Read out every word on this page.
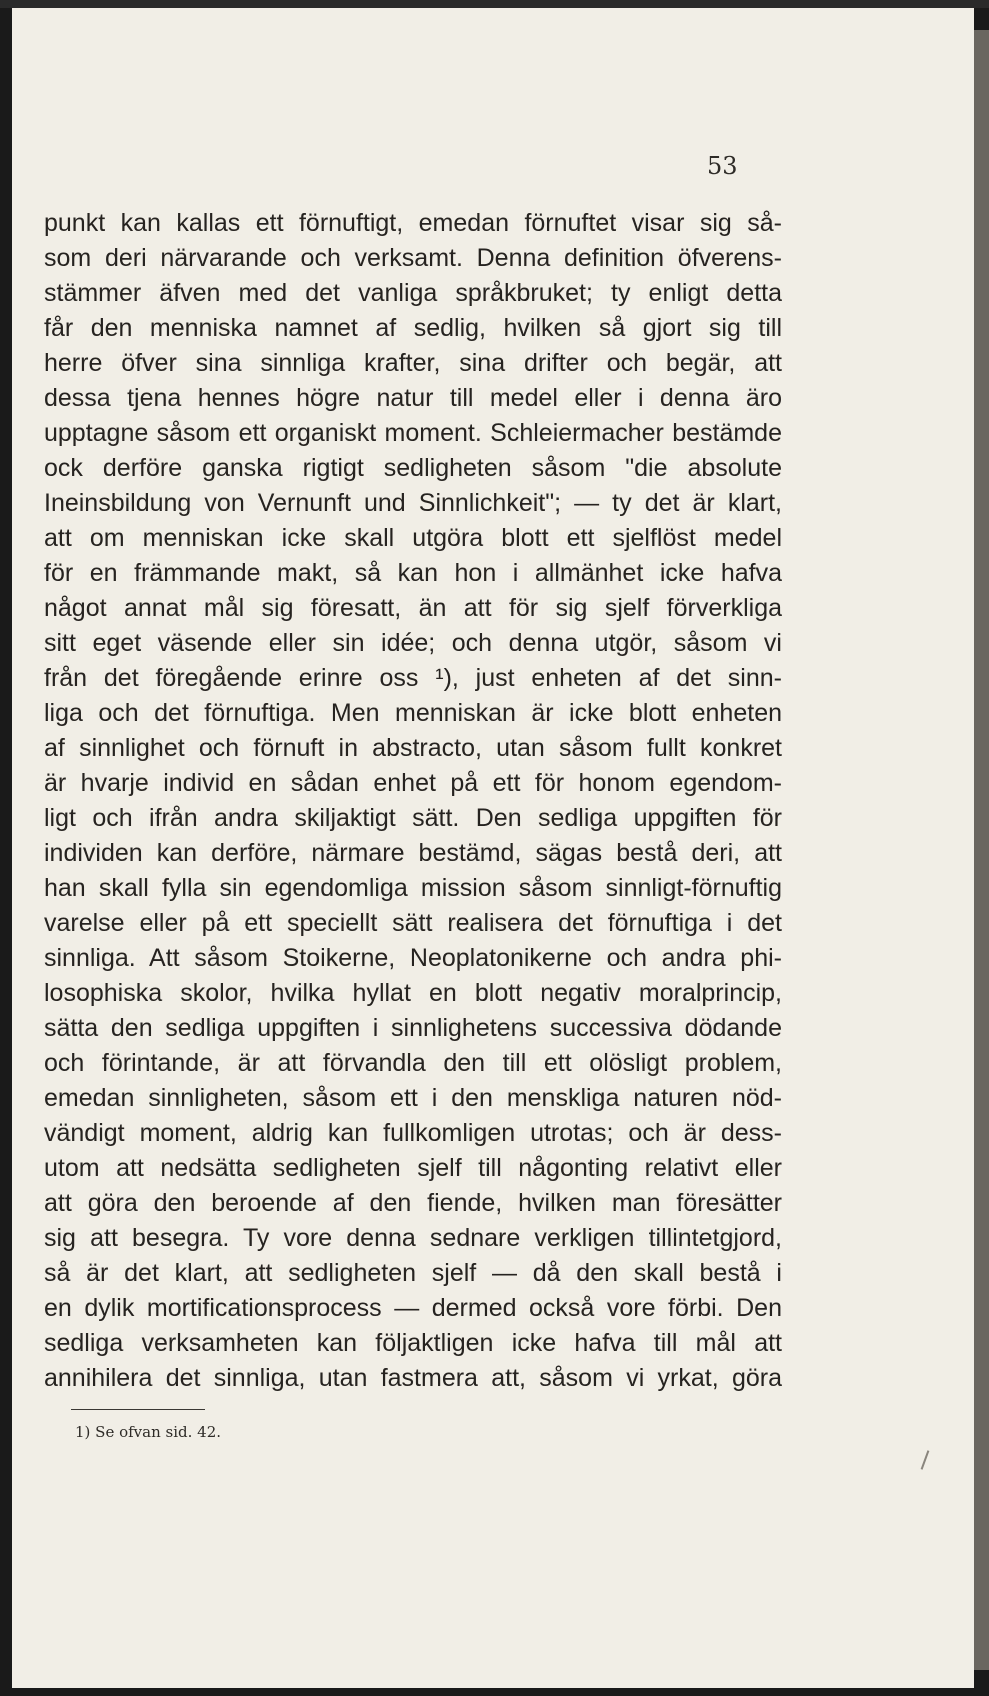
53
punkt kan kallas ett förnuftigt, emedan förnuftet visar sig så-
som deri närvarande och verksamt. Denna definition öfverens-
stämmer äfven med det vanliga språkbruket; ty enligt detta
får den menniska namnet af sedlig, hvilken så gjort sig till
herre öfver sina sinnliga krafter, sina drifter och begär, att
dessa tjena hennes högre natur till medel eller i denna äro
upptagne såsom ett organiskt moment. Schleiermacher bestämde
ock derföre ganska rigtigt sedligheten såsom "die absolute
Ineinsbildung von Vernunft und Sinnlichkeit"; — ty det är klart,
att om menniskan icke skall utgöra blott ett sjelflöst medel
för en främmande makt, så kan hon i allmänhet icke hafva
något annat mål sig föresatt, än att för sig sjelf förverkliga
sitt eget väsende eller sin idée; och denna utgör, såsom vi
från det föregående erinre oss ¹), just enheten af det sinn-
liga och det förnuftiga. Men menniskan är icke blott enheten
af sinnlighet och förnuft in abstracto, utan såsom fullt konkret
är hvarje individ en sådan enhet på ett för honom egendom-
ligt och ifrån andra skiljaktigt sätt. Den sedliga uppgiften för
individen kan derföre, närmare bestämd, sägas bestå deri, att
han skall fylla sin egendomliga mission såsom sinnligt-förnuftig
varelse eller på ett speciellt sätt realisera det förnuftiga i det
sinnliga. Att såsom Stoikerne, Neoplatonikerne och andra phi-
losophiska skolor, hvilka hyllat en blott negativ moralprincip,
sätta den sedliga uppgiften i sinnlighetens successiva dödande
och förintande, är att förvandla den till ett olösligt problem,
emedan sinnligheten, såsom ett i den menskliga naturen nöd-
vändigt moment, aldrig kan fullkomligen utrotas; och är dess-
utom att nedsätta sedligheten sjelf till någonting relativt eller
att göra den beroende af den fiende, hvilken man föresätter
sig att besegra. Ty vore denna sednare verkligen tillintetgjord,
så är det klart, att sedligheten sjelf — då den skall bestå i
en dylik mortificationsprocess — dermed också vore förbi. Den
sedliga verksamheten kan följaktligen icke hafva till mål att
annihilera det sinnliga, utan fastmera att, såsom vi yrkat, göra
1) Se ofvan sid. 42.
